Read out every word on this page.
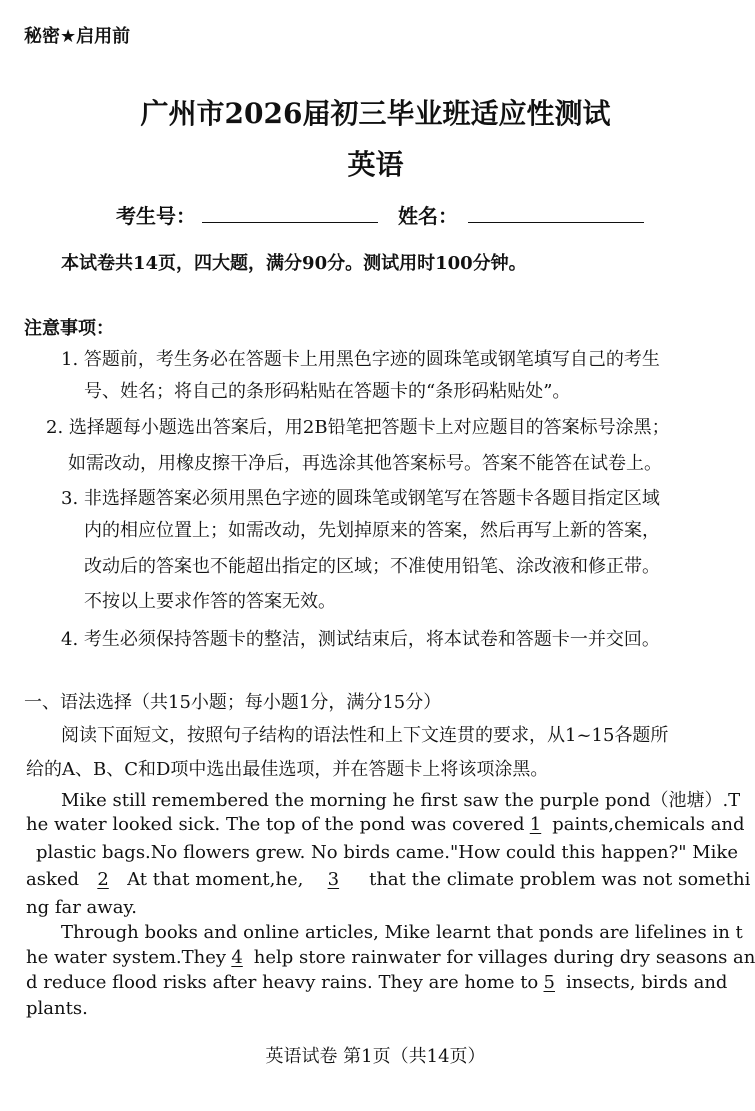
秘密★启用前
广州市2026届初三毕业班适应性测试
英语
考生号：	姓名：
本试卷共14页，四大题，满分90分。测试用时100分钟。
注意事项：
1. 答题前，考生务必在答题卡上用黑色字迹的圆珠笔或钢笔填写自己的考生
号、姓名；将自己的条形码粘贴在答题卡的“条形码粘贴处”。
2. 选择题每小题选出答案后，用2B铅笔把答题卡上对应题目的答案标号涂黑；
如需改动，用橡皮擦干净后，再选涂其他答案标号。答案不能答在试卷上。
3. 非选择题答案必须用黑色字迹的圆珠笔或钢笔写在答题卡各题目指定区域
内的相应位置上；如需改动，先划掉原来的答案，然后再写上新的答案，
改动后的答案也不能超出指定的区域；不准使用铅笔、涂改液和修正带。
不按以上要求作答的答案无效。
4. 考生必须保持答题卡的整洁，测试结束后，将本试卷和答题卡一并交回。
一、语法选择（共15小题；每小题1分，满分15分）
阅读下面短文，按照句子结构的语法性和上下文连贯的要求，从1~15各题所
给的A、B、C和D项中选出最佳选项，并在答题卡上将该项涂黑。
Mike still remembered the morning he first saw the purple pond（池塘）.T
he water looked sick. The top of the pond was covered 1 paints,chemicals and
plastic bags.No flowers grew. No birds came."How could this happen?" Mike
asked 2 At that moment,he, 3 that the climate problem was not somethi
ng far away.
Through books and online articles, Mike learnt that ponds are lifelines in t
he water system.They 4 help store rainwater for villages during dry seasons an
d reduce flood risks after heavy rains. They are home to 5 insects, birds and
plants.
英语试卷 第1页（共14页）
